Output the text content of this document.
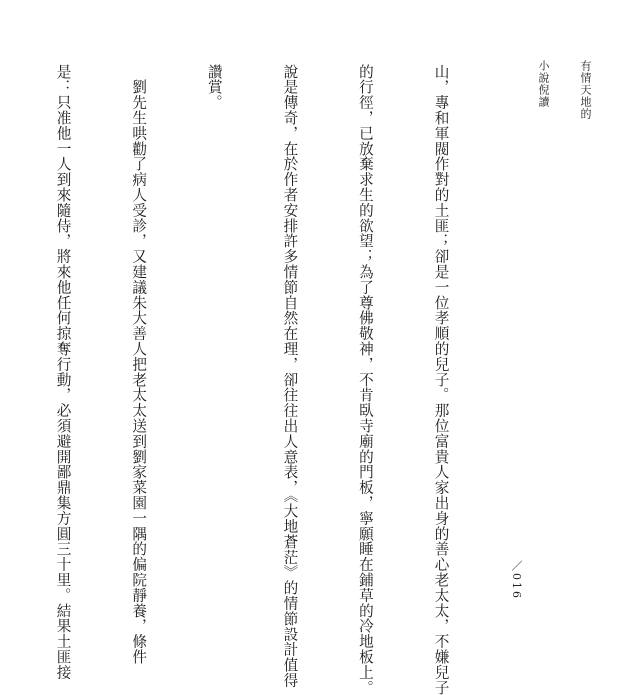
有情天地的

小說倪讀

／016

山，專和軍閥作對的土匪；卻是一位孝順的兒子。那位富貴人家出身的善心老太太，不嫌兒子

的行徑，已放棄求生的欲望；為了尊佛敬神，不肯臥寺廟的門板，寧願睡在鋪草的冷地板上。

說是傳奇，在於作者安排許多情節自然在理，卻往往出人意表，《大地蒼茫》的情節設計值得

讚賞。

　劉先生哄勸了病人受診，又建議朱大善人把老太太送到劉家菜園一隅的偏院靜養，條件

是：只准他一人到來隨侍，將來他任何掠奪行動，必須避開鄙鼎集方圓三十里。結果土匪接
